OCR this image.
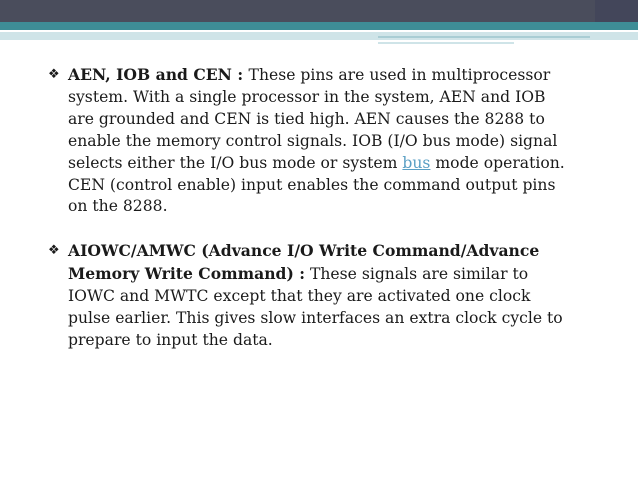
❖ AEN, IOB and CEN : These pins are used in multiprocessor system. With a single processor in the system, AEN and IOB are grounded and CEN is tied high. AEN causes the 8288 to enable the memory control signals. IOB (I/O bus mode) signal selects either the I/O bus mode or system bus mode operation. CEN (control enable) input enables the command output pins on the 8288.
❖ AIOWC/AMWC (Advance I/O Write Command/Advance Memory Write Command) : These signals are similar to IOWC and MWTC except that they are activated one clock pulse earlier. This gives slow interfaces an extra clock cycle to prepare to input the data.
